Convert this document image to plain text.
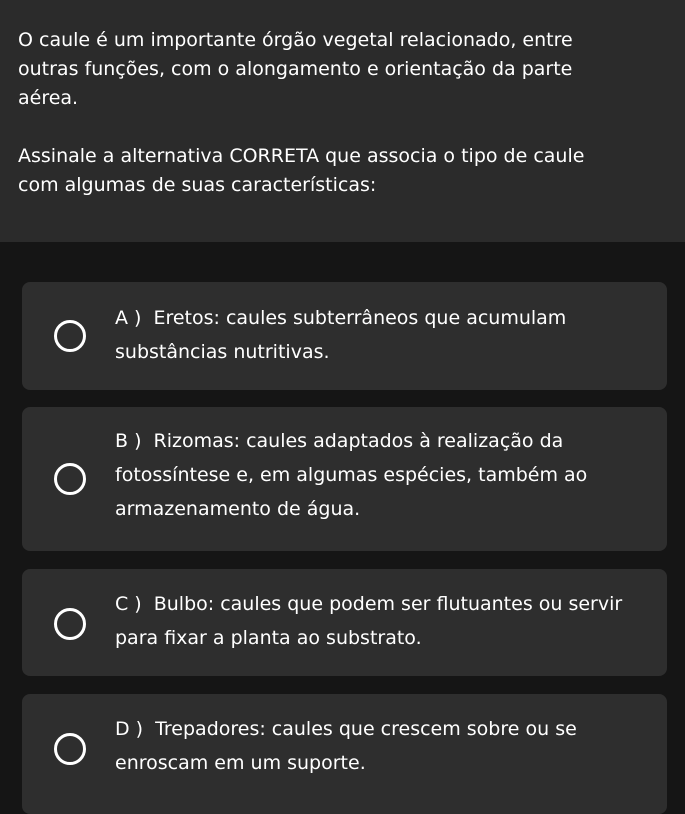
O caule é um importante órgão vegetal relacionado, entre
outras funções, com o alongamento e orientação da parte
aérea.

Assinale a alternativa CORRETA que associa o tipo de caule
com algumas de suas características:

A ) Eretos: caules subterrâneos que acumulam substâncias nutritivas.
B ) Rizomas: caules adaptados à realização da fotossíntese e, em algumas espécies, também ao armazenamento de água.
C ) Bulbo: caules que podem ser flutuantes ou servir para fixar a planta ao substrato.
D ) Trepadores: caules que crescem sobre ou se enroscam em um suporte.
